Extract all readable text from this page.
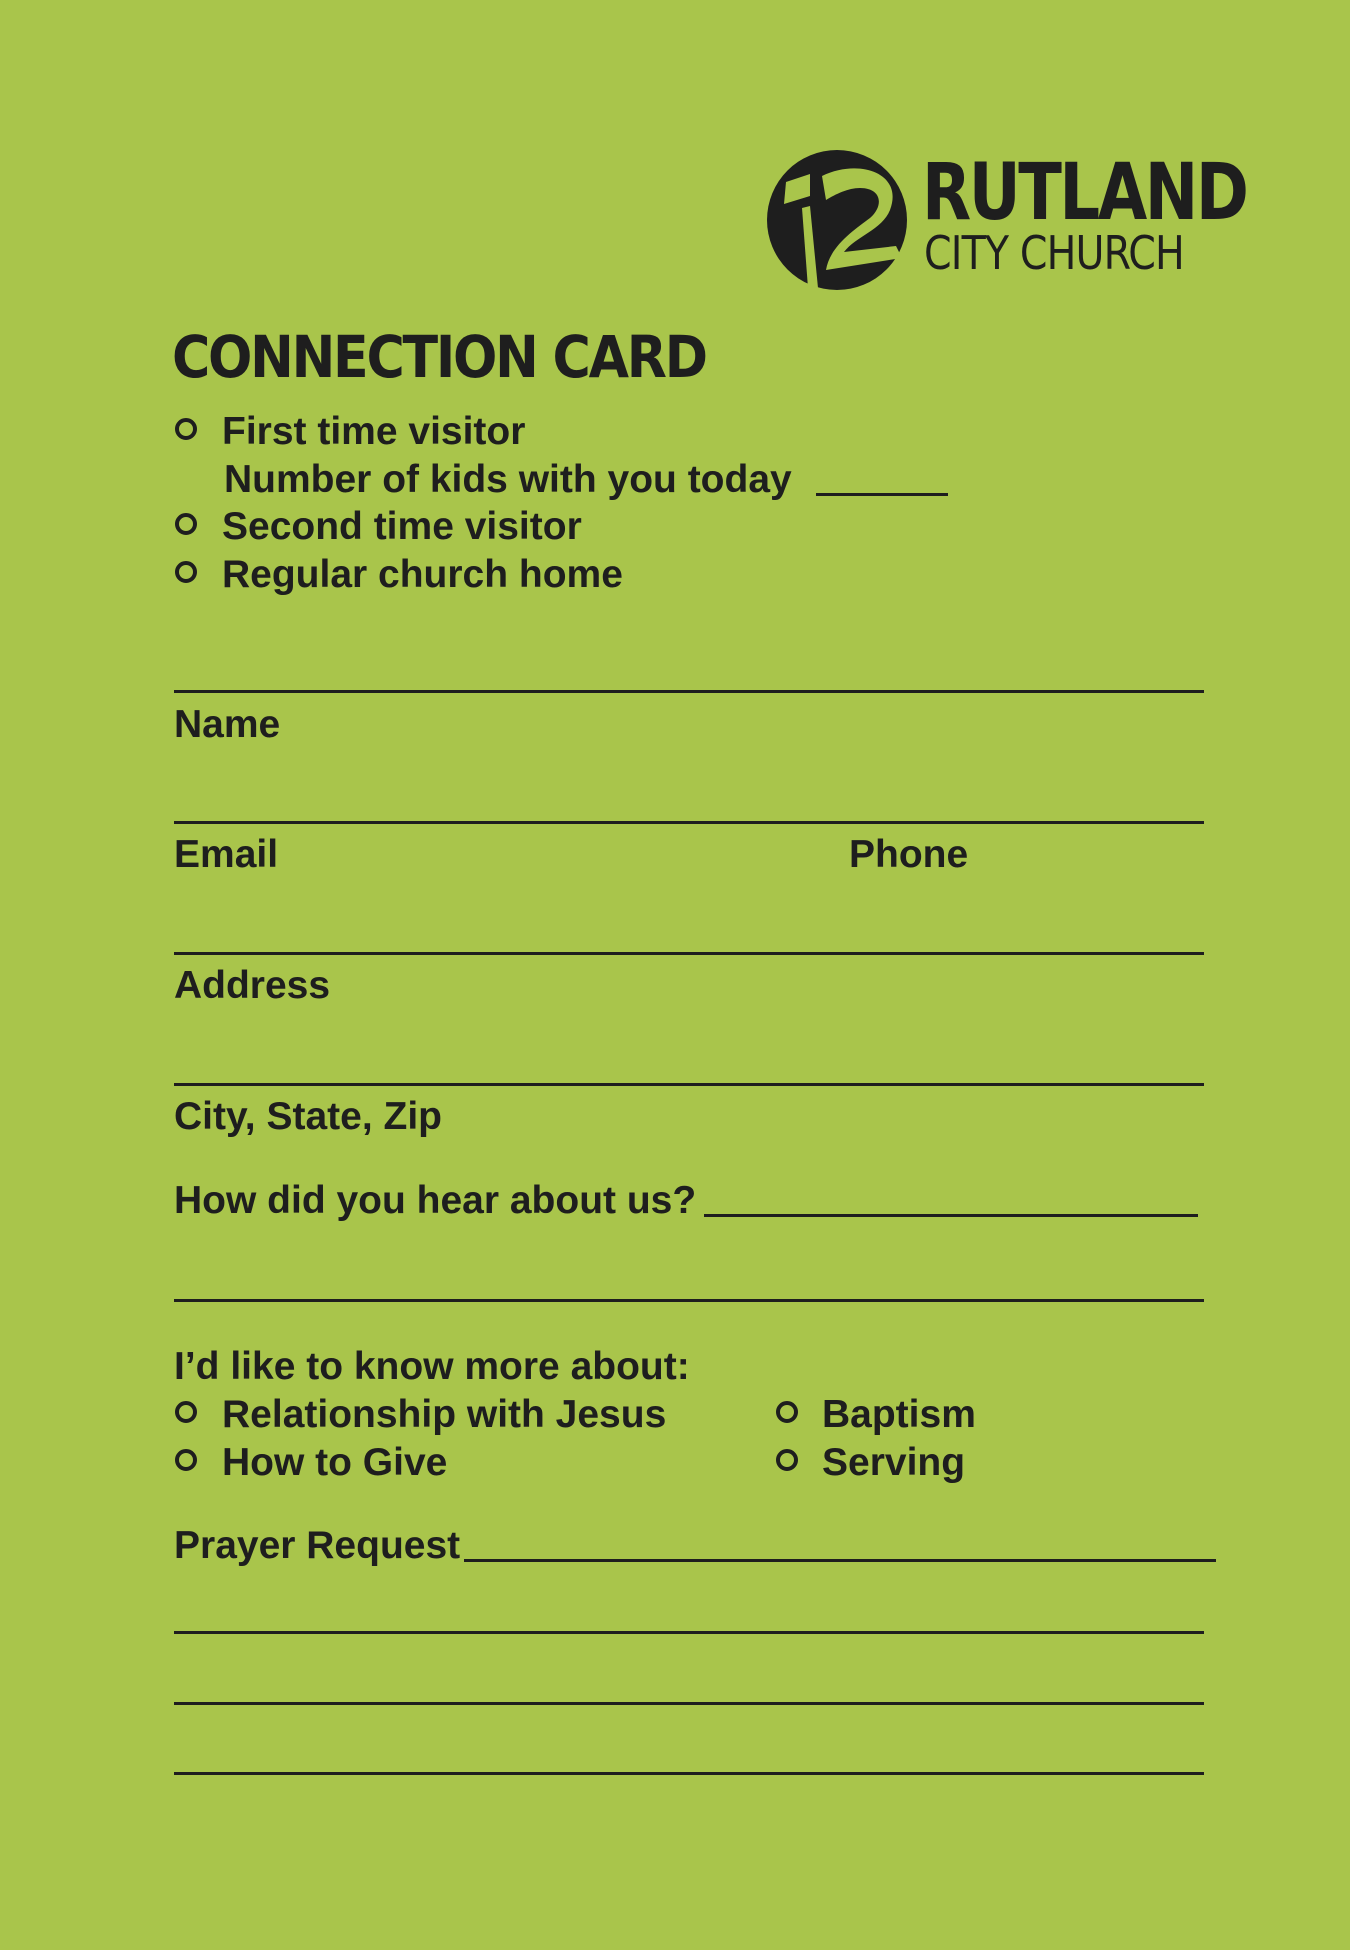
RUTLAND
CITY CHURCH
CONNECTION CARD
First time visitor
Number of kids with you today
Second time visitor
Regular church home
Name
Email	Phone
Address
City, State, Zip
How did you hear about us?
I’d like to know more about:
Relationship with Jesus	Baptism
How to Give	Serving
Prayer Request
